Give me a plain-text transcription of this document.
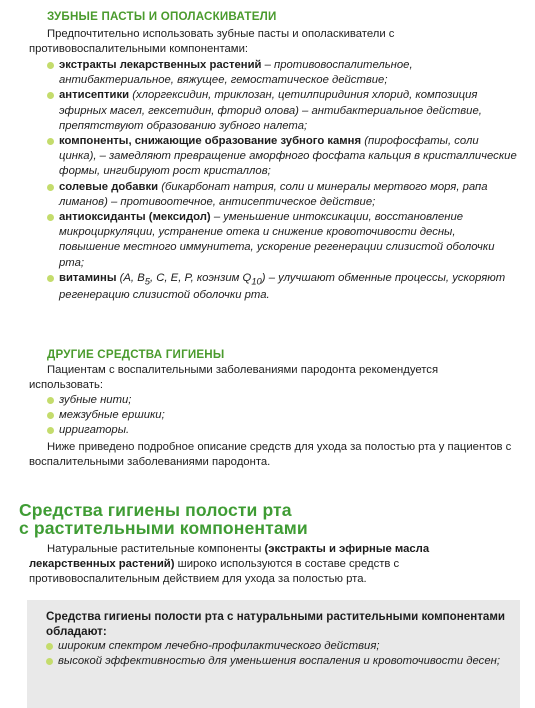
ЗУБНЫЕ ПАСТЫ И ОПОЛАСКИВАТЕЛИ
Предпочтительно использовать зубные пасты и ополаскиватели с противовоспалительными компонентами:
экстракты лекарственных растений – противовоспалительное, антибактериальное, вяжущее, гемостатическое действие;
антисептики (хлоргексидин, триклозан, цетилпиридиния хлорид, композиция эфирных масел, гексетидин, фторид олова) – антибактериальное действие, препятствуют образованию зубного налета;
компоненты, снижающие образование зубного камня (пирофосфаты, соли цинка), – замедляют превращение аморфного фосфата кальция в кристаллические формы, ингибируют рост кристаллов;
солевые добавки (бикарбонат натрия, соли и минералы мертвого моря, рапа лиманов) – противоотечное, антисептическое действие;
антиоксиданты (мексидол) – уменьшение интоксикации, восстановление микроциркуляции, устранение отека и снижение кровоточивости десны, повышение местного иммунитета, ускорение регенерации слизистой оболочки рта;
витамины (A, $B_5$, C, E, P, коэнзим $Q_{10}$) – улучшают обменные процессы, ускоряют регенерацию слизистой оболочки рта.
ДРУГИЕ СРЕДСТВА ГИГИЕНЫ
Пациентам с воспалительными заболеваниями пародонта рекомендуется использовать:
зубные нити;
межзубные ершики;
ирригаторы.
Ниже приведено подробное описание средств для ухода за полостью рта у пациентов с воспалительными заболеваниями пародонта.
Средства гигиены полости рта
с растительными компонентами
Натуральные растительные компоненты (экстракты и эфирные масла лекарственных растений) широко используются в составе средств с противовоспалительным действием для ухода за полостью рта.
Средства гигиены полости рта с натуральными растительными компонентами обладают:
широким спектром лечебно-профилактического действия;
высокой эффективностью для уменьшения воспаления и кровоточивости десен;
